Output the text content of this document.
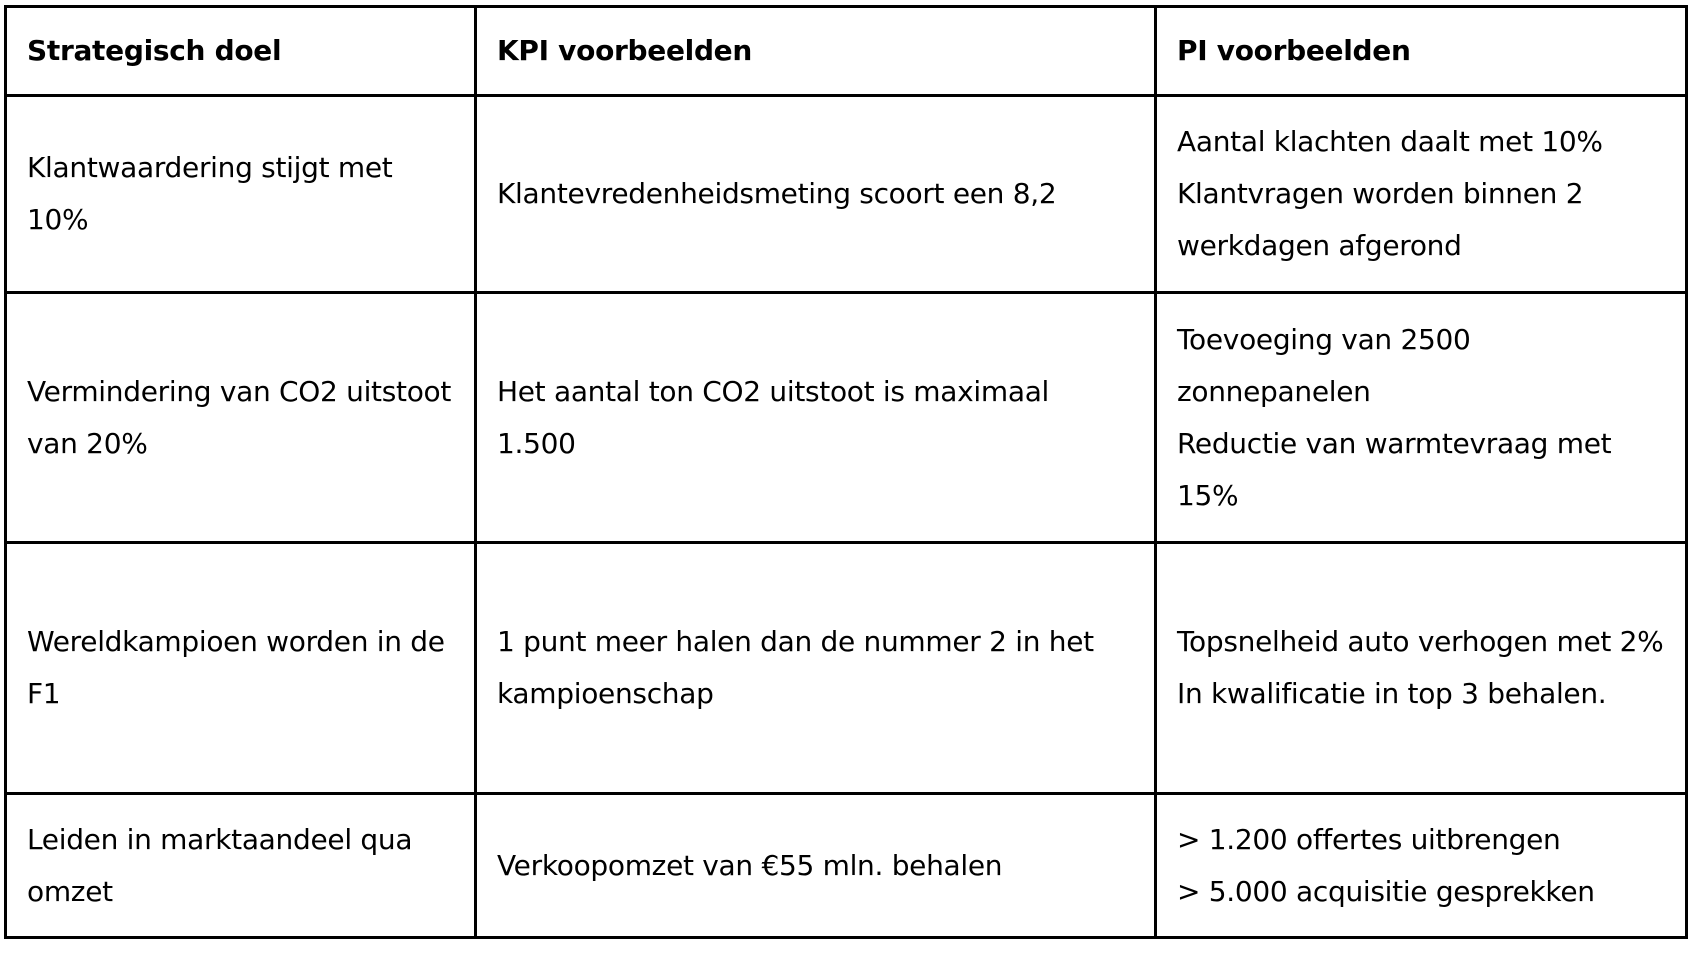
Strategisch doel	KPI voorbeelden	PI voorbeelden
Klantwaardering stijgt met 10%	Klantevredenheidsmeting scoort een 8,2	Aantal klachten daalt met 10%
Klantvragen worden binnen 2 werkdagen afgerond

Vermindering van CO2 uitstoot van 20%	Het aantal ton CO2 uitstoot is maximaal 1.500	Toevoeging van 2500 zonnepanelen
Reductie van warmtevraag met 15%

Wereldkampioen worden in de F1	1 punt meer halen dan de nummer 2 in het kampioenschap	Topsnelheid auto verhogen met 2%
In kwalificatie in top 3 behalen.

Leiden in marktaandeel qua omzet	Verkoopomzet van €55 mln. behalen	> 1.200 offertes uitbrengen
> 5.000 acquisitie gesprekken
